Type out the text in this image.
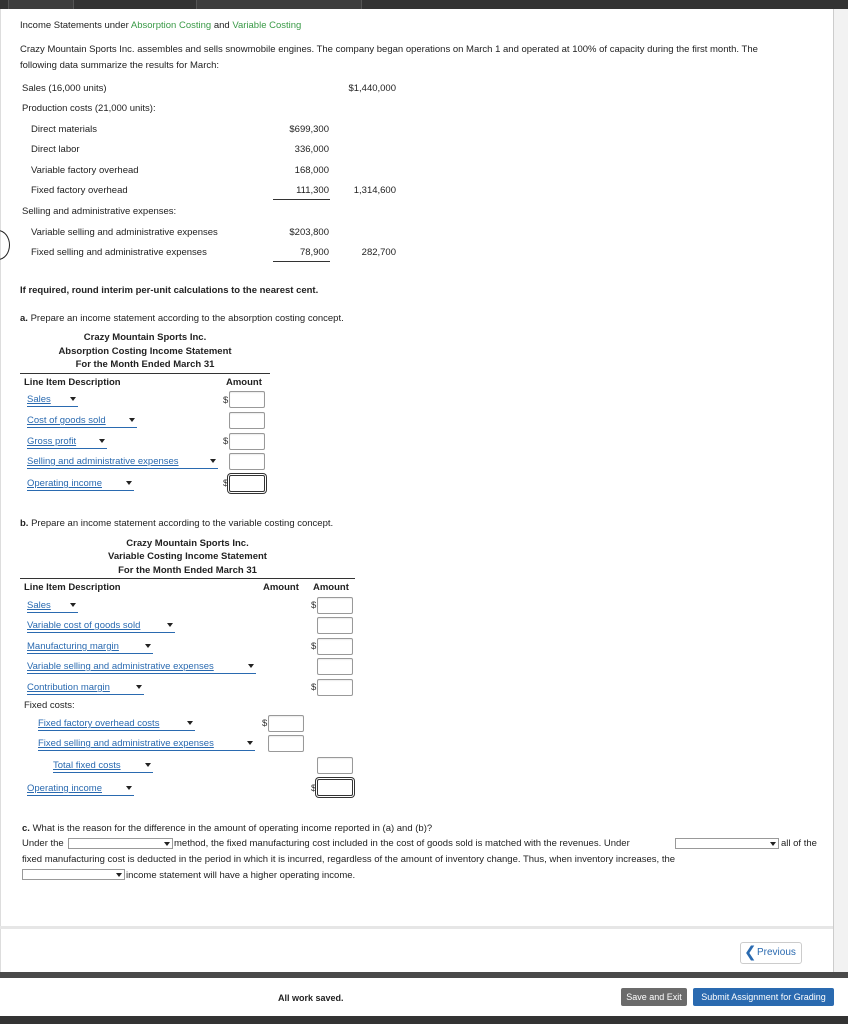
Income Statements under Absorption Costing and Variable Costing
Crazy Mountain Sports Inc. assembles and sells snowmobile engines. The company began operations on March 1 and operated at 100% of capacity during the first month. The
following data summarize the results for March:
Sales (16,000 units)	$1,440,000
Production costs (21,000 units):
Direct materials	$699,300
Direct labor	336,000
Variable factory overhead	168,000
Fixed factory overhead	111,300	1,314,600
Selling and administrative expenses:
Variable selling and administrative expenses	$203,800
Fixed selling and administrative expenses	78,900	282,700
If required, round interim per-unit calculations to the nearest cent.
a. Prepare an income statement according to the absorption costing concept.
Crazy Mountain Sports Inc.
Absorption Costing Income Statement
For the Month Ended March 31
Line Item Description	Amount
Sales	$
Cost of goods sold
Gross profit	$
Selling and administrative expenses
Operating income	$
b. Prepare an income statement according to the variable costing concept.
Crazy Mountain Sports Inc.
Variable Costing Income Statement
For the Month Ended March 31
Line Item Description	Amount Amount
Sales	$
Variable cost of goods sold
Manufacturing margin	$
Variable selling and administrative expenses
Contribution margin	$
Fixed costs:
Fixed factory overhead costs	$
Fixed selling and administrative expenses
Total fixed costs
Operating income	$
c. What is the reason for the difference in the amount of operating income reported in (a) and (b)?
Under the	method, the fixed manufacturing cost included in the cost of goods sold is matched with the revenues. Under	all of the
fixed manufacturing cost is deducted in the period in which it is incurred, regardless of the amount of inventory change. Thus, when inventory increases, the
income statement will have a higher operating income.
❮ Previous
All work saved.	Save and Exit	Submit Assignment for Grading
